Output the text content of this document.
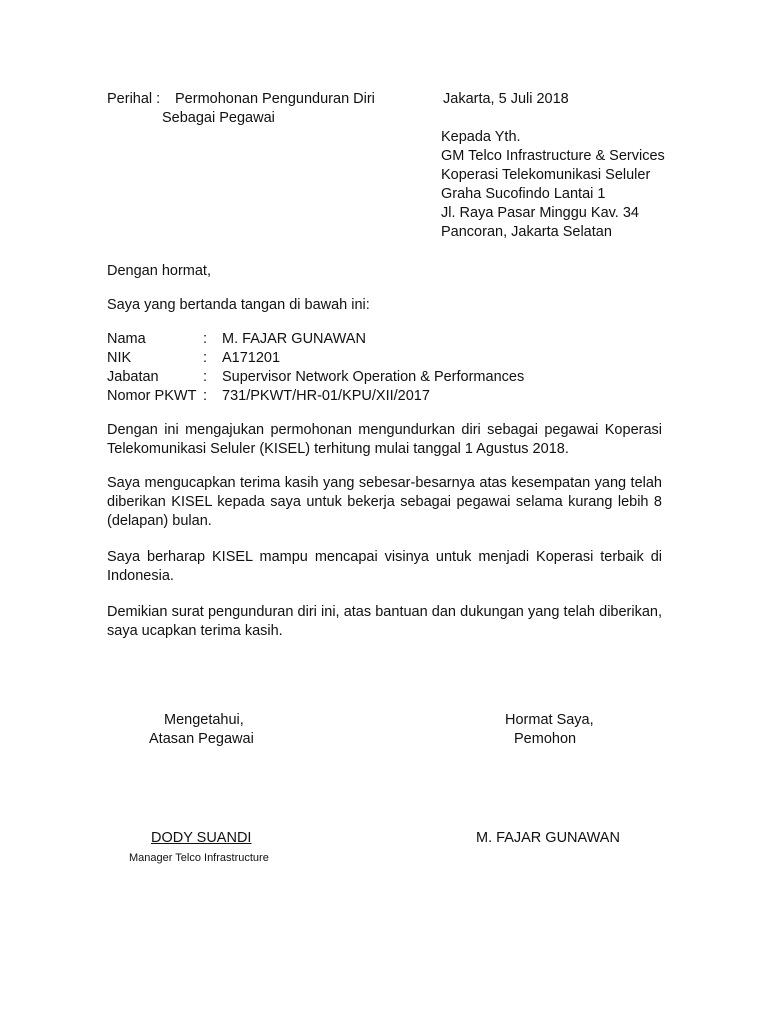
Perihal : Permohonan Pengunduran Diri
Sebagai Pegawai
Jakarta, 5 Juli 2018
Kepada Yth.
GM Telco Infrastructure & Services
Koperasi Telekomunikasi Seluler
Graha Sucofindo Lantai 1
Jl. Raya Pasar Minggu Kav. 34
Pancoran, Jakarta Selatan
Dengan hormat,
Saya yang bertanda tangan di bawah ini:
Nama	: M. FAJAR GUNAWAN
NIK	: A171201
Jabatan	: Supervisor Network Operation & Performances
Nomor PKWT : 731/PKWT/HR-01/KPU/XII/2017
Dengan ini mengajukan permohonan mengundurkan diri sebagai pegawai Koperasi Telekomunikasi Seluler (KISEL) terhitung mulai tanggal 1 Agustus 2018.
Saya mengucapkan terima kasih yang sebesar-besarnya atas kesempatan yang telah diberikan KISEL kepada saya untuk bekerja sebagai pegawai selama kurang lebih 8 (delapan) bulan.
Saya berharap KISEL mampu mencapai visinya untuk menjadi Koperasi terbaik di Indonesia.
Demikian surat pengunduran diri ini, atas bantuan dan dukungan yang telah diberikan, saya ucapkan terima kasih.
Mengetahui,
Atasan Pegawai
DODY SUANDI
Manager Telco Infrastructure
Hormat Saya,
Pemohon
M. FAJAR GUNAWAN
